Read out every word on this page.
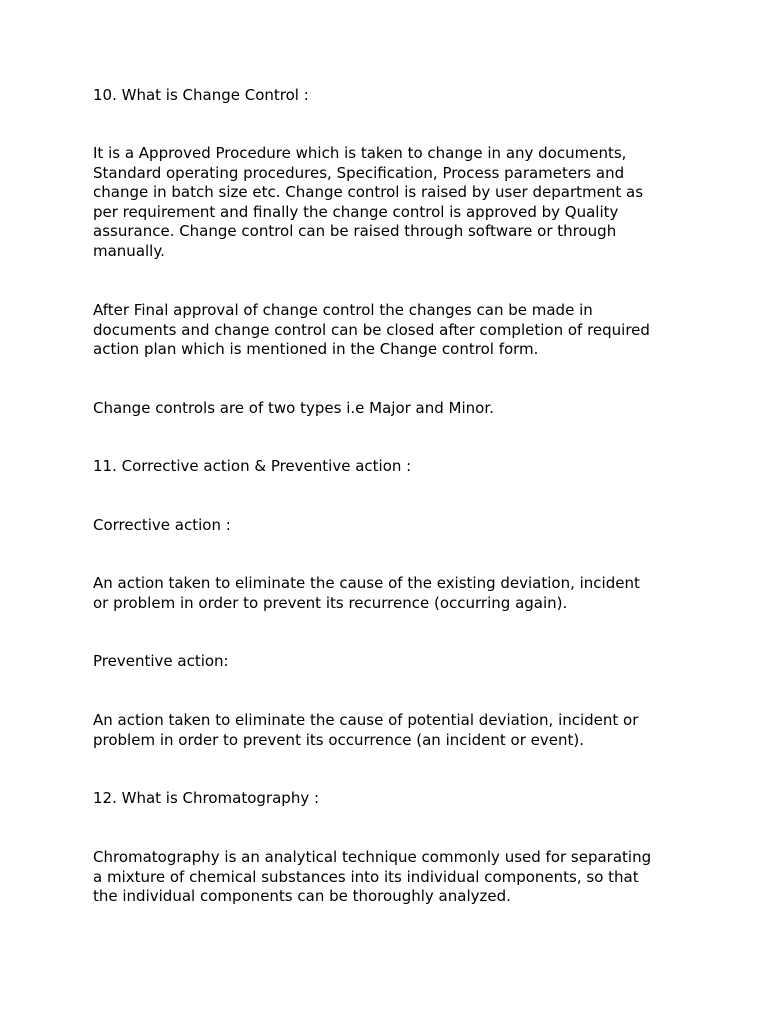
10. What is Change Control :

It is a Approved Procedure which is taken to change in any documents,
Standard operating procedures, Specification, Process parameters and
change in batch size etc. Change control is raised by user department as
per requirement and finally the change control is approved by Quality
assurance. Change control can be raised through software or through
manually.

After Final approval of change control the changes can be made in
documents and change control can be closed after completion of required
action plan which is mentioned in the Change control form.

Change controls are of two types i.e Major and Minor.

11. Corrective action & Preventive action :

Corrective action :

An action taken to eliminate the cause of the existing deviation, incident
or problem in order to prevent its recurrence (occurring again).

Preventive action:

An action taken to eliminate the cause of potential deviation, incident or
problem in order to prevent its occurrence (an incident or event).

12. What is Chromatography :

Chromatography is an analytical technique commonly used for separating
a mixture of chemical substances into its individual components, so that
the individual components can be thoroughly analyzed.
